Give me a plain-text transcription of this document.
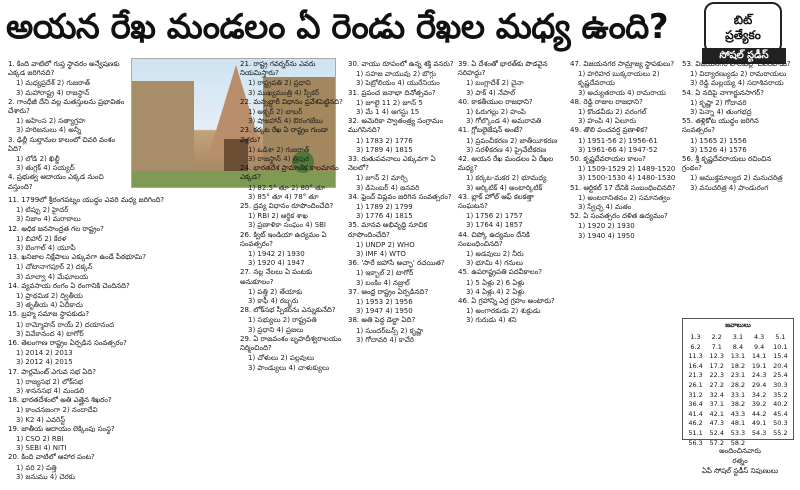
అయన రేఖ మండలం ఏ రెండు రేఖల మధ్య ఉంది?	బిట్
ప్రత్యేకం
సోషల్ స్టడీస్
1. కింది వాటిలో గుప్త స్థావరం అన్వేషణకు ఎక్కడ జరిగినది?
1) మధ్యప్రదేశ్ 2) గుజరాత్
3) మహారాష్ట్ర 4) రాజస్థాన్
2. గాంధీజీ దేని వల్ల మతస్తులను ప్రభావితం చేశారు?
1) అహింస 2) సత్యాగ్రహ
3) హరిజనులు 4) అన్నీ
3. ఢిల్లీ సుల్తానుల కాలంలో చివరి వంశం ఏది?
1) లోడి 2) ఖిల్జీ
3) తుగ్లక్ 4) సయ్యద్
4. ప్రభుత్వ ఆదాయం ఎక్కడ నుంచి వస్తుంది?
11. 1799లో శ్రీరంగపట్నం యుద్ధం ఎవరి మధ్య జరిగింది?
1) టిప్పు 2) హైదర్
3) నిజాం 4) మరాఠాలు
12. అధిక జనసాంద్రత గల రాష్ట్రం?
1) బిహార్ 2) కేరళ
3) బెంగాల్ 4) యూపీ
13. ఖనిజాల నిక్షేపాలు ఎక్కువగా ఉండే పీఠభూమి?
1) చోటానాగపూర్ 2) దక్కన్
3) మాల్వా 4) మేఘాలయ
14. వ్యవసాయ రంగం ఏ రంగానికి చెందినది?
1) ప్రాథమిక 2) ద్వితీయ
3) తృతీయ 4) ఏదీకాదు
15. బ్రహ్మ సమాజ స్థాపకుడు?
1) రామ్మోహన్ రాయ్ 2) దయానంద
3) వివేకానంద 4) టాగోర్
16. తెలంగాణ రాష్ట్రం ఏర్పడిన సంవత్సరం?
1) 2014 2) 2013
3) 2012 4) 2015
17. పార్లమెంట్ ఎగువ సభ ఏది?
1) రాజ్యసభ 2) లోక్‌సభ
3) శాసనసభ 4) మండలి
18. భారతదేశంలో అతి ఎత్తైన శిఖరం?
1) కాంచనజంగా 2) నందాదేవి
3) K2 4) ఎవరెస్ట్
19. జాతీయ ఆదాయం లెక్కింపు సంస్థ?
1) CSO 2) RBI
3) SEBI 4) NITI
20. కింది వాటిలో ఆహార పంట?
1) వరి 2) పత్తి
3) జనుము 4) చెరకు
21. రాష్ట్ర గవర్నర్‌ను ఎవరు నియమిస్తారు?
1) రాష్ట్రపతి 2) ప్రధాని
3) ముఖ్యమంత్రి 4) స్పీకర్
22. మన్సబ్దారీ విధానం ప్రవేశపెట్టినది?
1) అక్బర్ 2) బాబర్
3) షాజహాన్ 4) ఔరంగజేబు
23. కర్కట రేఖ ఏ రాష్ట్రం గుండా వెళ్లదు?
1) ఒడిశా 2) గుజరాత్
3) రాజస్థాన్ 4) త్రిపుర
24. భారతదేశ ప్రామాణిక కాలమానం ఎక్కడ?
1) 82.5° తూ 2) 80° తూ
3) 85° తూ 4) 78° తూ
25. ద్రవ్య విధానం రూపొందించేది?
1) RBI 2) ఆర్థిక శాఖ
3) ప్రణాళికా సంఘం 4) SBI
26. క్విట్ ఇండియా ఉద్యమం ఏ సంవత్సరం?
1) 1942 2) 1930
3) 1920 4) 1947
27. నల్ల నేలలు ఏ పంటకు అనుకూలం?
1) పత్తి 2) తేయాకు
3) కాఫీ 4) రబ్బరు
28. లోక్‌సభ స్పీకర్‌ను ఎన్నుకునేది?
1) సభ్యులు 2) రాష్ట్రపతి
3) ప్రధాని 4) ప్రజలు
29. ఏ రాజవంశం బృహదీశ్వరాలయం నిర్మించింది?
1) చోళులు 2) పల్లవులు
3) పాండ్యులు 4) చాళుక్యులు
30. వాయు రూపంలో ఉన్న శక్తి వనరు?
1) సహజ వాయువు 2) బొగ్గు
3) పెట్రోలియం 4) యురేనియం
31. ప్రపంచ జనాభా దినోత్సవం?
1) జూలై 11 2) జూన్ 5
3) మే 1 4) ఆగస్టు 15
32. అమెరికా స్వాతంత్ర్య సంగ్రామం ముగిసినది?
1) 1783 2) 1776
3) 1789 4) 1815
33. రుతుపవనాలు ఎక్కువగా ఏ నెలలో?
1) జూన్ 2) మార్చి
3) డిసెంబర్ 4) జనవరి
34. ఫ్రెంచ్ విప్లవం జరిగిన సంవత్సరం?
1) 1789 2) 1799
3) 1776 4) 1815
35. మానవ అభివృద్ధి సూచిక రూపొందించేది?
1) UNDP 2) WHO
3) IMF 4) WTO
36. 'సారే జహాసే అచ్ఛా' రచయిత?
1) ఇక్బాల్ 2) టాగోర్
3) బంకిం 4) నజ్రుల్
37. ఆంధ్ర రాష్ట్రం ఏర్పడినది?
1) 1953 2) 1956
3) 1947 4) 1950
38. అతి పెద్ద డెల్టా ఏది?
1) సుందర్‌బన్స్ 2) కృష్ణా
3) గోదావరి 4) కావేరి
39. ఏ దేశంతో భారత్‌కు పొడవైన సరిహద్దు?
1) బంగ్లాదేశ్ 2) చైనా
3) పాక్ 4) నేపాల్
40. కాకతీయుల రాజధాని?
1) ఓరుగల్లు 2) హంపి
3) గోల్కొండ 4) అమరావతి
41. గ్లోబలైజేషన్ అంటే?
1) ప్రపంచీకరణ 2) జాతీయీకరణ
3) సరళీకరణ 4) ప్రైవేటీకరణ
42. అయన రేఖ మండలం ఏ రేఖల మధ్య?
1) కర్కట-మకర 2) భూమధ్య
3) ఆర్కిటిక్ 4) అంటార్కిటిక్
43. బ్లాక్ హోల్ ఆఫ్ కలకత్తా సంఘటన?
1) 1756 2) 1757
3) 1764 4) 1857
44. చిప్కో ఉద్యమం దేనికి సంబంధించినది?
1) అడవులు 2) నీరు
3) భూమి 4) గనులు
45. ఉపరాష్ట్రపతి పదవీకాలం?
1) 5 ఏళ్లు 2) 6 ఏళ్లు
3) 4 ఏళ్లు 4) 2 ఏళ్లు
46. ఏ గ్రహాన్ని ఎర్ర గ్రహం అంటారు?
1) అంగారకుడు 2) శుక్రుడు
3) గురుడు 4) శని
47. విజయనగర సామ్రాజ్య స్థాపకులు?
1) హరిహర బుక్కరాయలు 2) కృష్ణదేవరాయ
3) అచ్యుతరాయ 4) రామరాయ
48. రెడ్డి రాజుల రాజధాని?
1) కొండవీడు 2) వరంగల్
3) హంపి 4) ఏలూరు
49. తొలి పంచవర్ష ప్రణాళిక?
1) 1951-56 2) 1956-61
3) 1961-66 4) 1947-52
50. కృష్ణదేవరాయల కాలం?
1) 1509-1529 2) 1489-1520
3) 1500-1530 4) 1480-1530
51. ఆర్టికల్ 17 దేనికి సంబంధించినది?
1) అంటరానితనం 2) సమానత్వం
3) స్వేచ్ఛ 4) మతం
52. ఏ సంవత్సరం దళిత ఉద్యమం?
1) 1920 2) 1930
3) 1940 4) 1950
53. విజయనగర పాలకుల్లో చివరివాడు?
1) విద్యారణ్యుడు 2) రామరాయలు
3) రెడ్డి మల్లయ్య 4) సదాశివరాయ
54. ఏ నదిపై నాగార్జునసాగర్?
1) కృష్ణా 2) గోదావరి
3) పెన్నా 4) తుంగభద్ర
55. తళ్లికోట యుద్ధం జరిగిన సంవత్సరం?
1) 1565 2) 1556
3) 1526 4) 1576
56. శ్రీ కృష్ణదేవరాయలు రచించిన గ్రంథం?
1) ఆముక్తమాల్యద 2) మనుచరిత్ర
3) వసుచరిత్ర 4) పాండురంగ
జవాబులు
1.3	2.2	3.1	4.3	5.1
6.2	7.1	8.4	9.4	10.1
11.3	12.3	13.1	14.1	15.4
16.4	17.2	18.2	19.1	20.4
21.3	22.3	23.1	24.3	25.4
26.1	27.2	28.2	29.4	30.3
31.2	32.4	33.1	34.2	35.2
36.4	37.1	38.2	39.2	40.2
41.4	42.1	43.3	44.2	45.4
46.2	47.3	48.1	49.1	50.3
51.1	52.4	53.3	54.3	55.2
56.3	57.2	58.2		
అందించినవారు
రత్నం
ఏపీ సోషల్ స్టడీస్ నిపుణులు
